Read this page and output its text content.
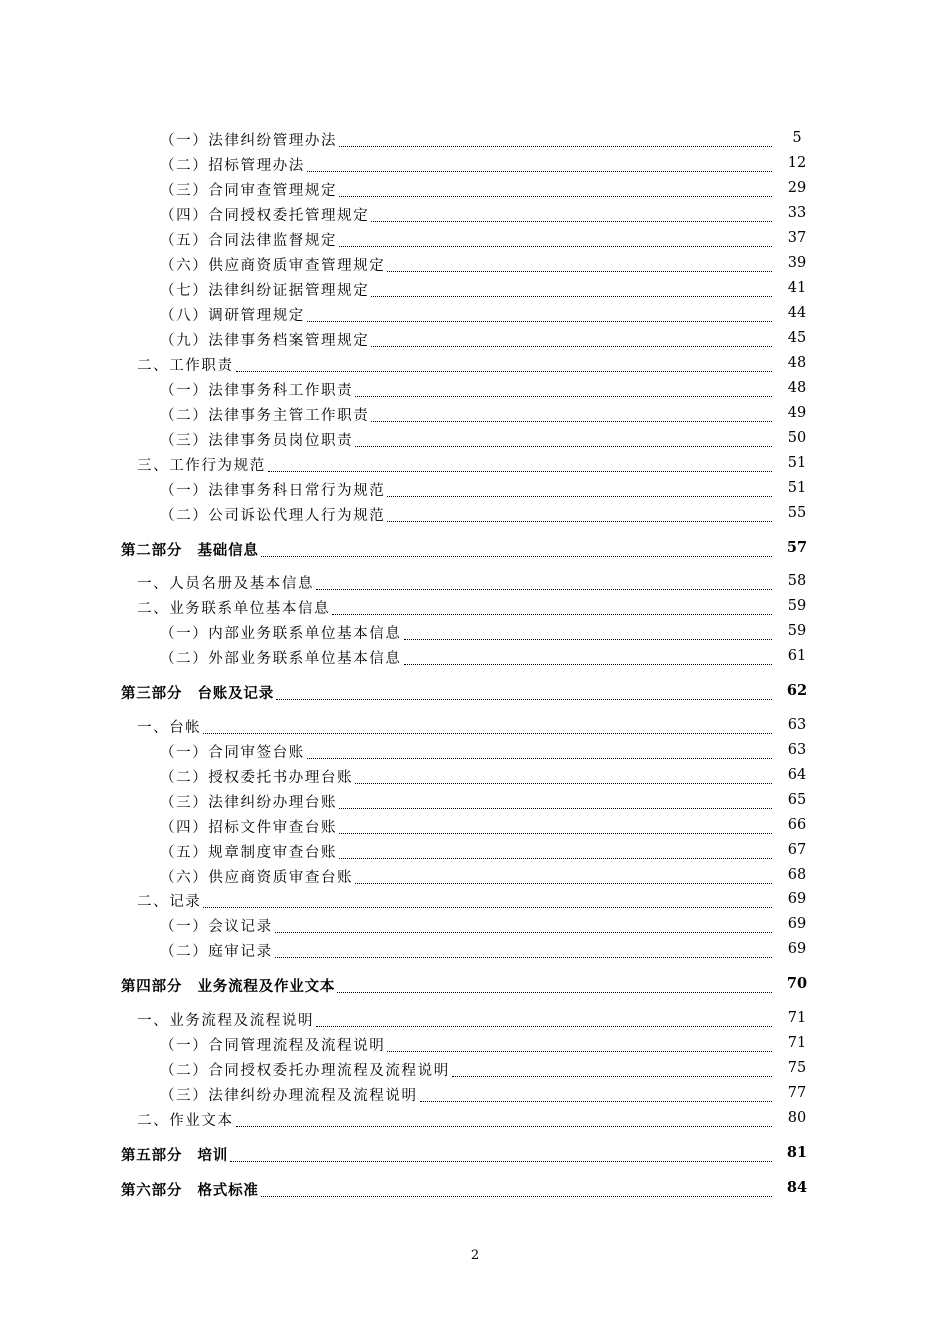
（一）法律纠纷管理办法	5
（二）招标管理办法	12
（三）合同审查管理规定	29
（四）合同授权委托管理规定	33
（五）合同法律监督规定	37
（六）供应商资质审查管理规定	39
（七）法律纠纷证据管理规定	41
（八）调研管理规定	44
（九）法律事务档案管理规定	45
二、工作职责	48
（一）法律事务科工作职责	48
（二）法律事务主管工作职责	49
（三）法律事务员岗位职责	50
三、工作行为规范	51
（一）法律事务科日常行为规范	51
（二）公司诉讼代理人行为规范	55
第二部分　基础信息	57
一、人员名册及基本信息	58
二、业务联系单位基本信息	59
（一）内部业务联系单位基本信息	59
（二）外部业务联系单位基本信息	61
第三部分　台账及记录	62
一、台帐	63
（一）合同审签台账	63
（二）授权委托书办理台账	64
（三）法律纠纷办理台账	65
（四）招标文件审查台账	66
（五）规章制度审查台账	67
（六）供应商资质审查台账	68
二、记录	69
（一）会议记录	69
（二）庭审记录	69
第四部分　业务流程及作业文本	70
一、业务流程及流程说明	71
（一）合同管理流程及流程说明	71
（二）合同授权委托办理流程及流程说明	75
（三）法律纠纷办理流程及流程说明	77
二、作业文本	80
第五部分　培训	81
第六部分　格式标准	84
2
